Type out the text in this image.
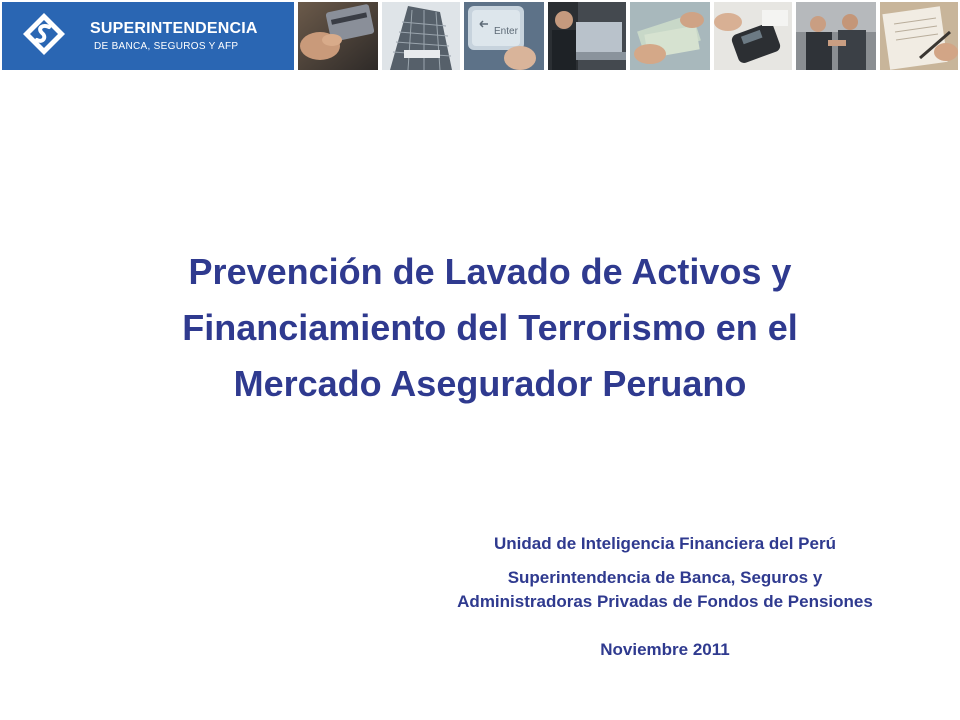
SUPERINTENDENCIA
DE BANCA, SEGUROS Y AFP
Enter
Prevención de Lavado de Activos y
Financiamiento del Terrorismo en el
Mercado Asegurador Peruano
Unidad de Inteligencia Financiera del Perú
Superintendencia de Banca, Seguros y
Administradoras Privadas de Fondos de Pensiones
Noviembre 2011
